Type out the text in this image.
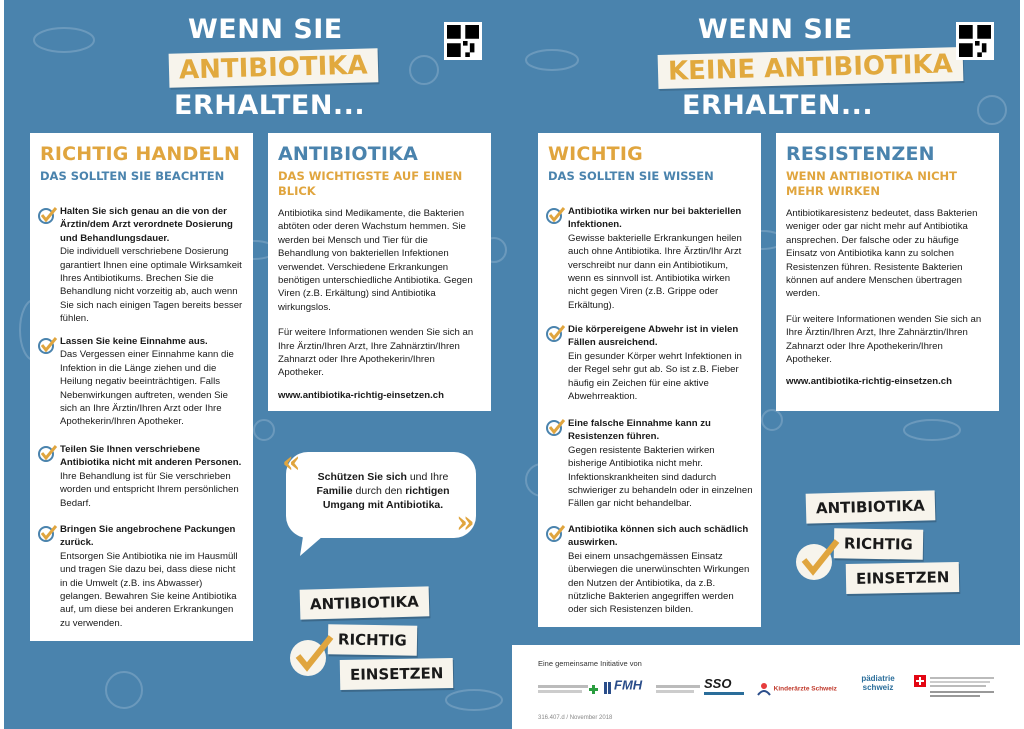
WENN SIE
ANTIBIOTIKA
ERHALTEN...
RICHTIG HANDELN
DAS SOLLTEN SIE BEACHTEN
Halten Sie sich genau an die von der Ärztin/dem Arzt verordnete Dosierung und Behandlungsdauer.
Die individuell verschriebene Dosierung garantiert Ihnen eine optimale Wirksamkeit Ihres Antibiotikums. Brechen Sie die Behandlung nicht vorzeitig ab, auch wenn Sie sich nach einigen Tagen bereits besser fühlen.
Lassen Sie keine Einnahme aus.
Das Vergessen einer Einnahme kann die Infektion in die Länge ziehen und die Heilung negativ beeinträchtigen. Falls Nebenwirkungen auftreten, wenden Sie sich an Ihre Ärztin/Ihren Arzt oder Ihre Apothekerin/Ihren Apotheker.
Teilen Sie Ihnen verschriebene Antibiotika nicht mit anderen Personen.
Ihre Behandlung ist für Sie verschrieben worden und entspricht Ihrem persönlichen Bedarf.
Bringen Sie angebrochene Packungen zurück.
Entsorgen Sie Antibiotika nie im Hausmüll und tragen Sie dazu bei, dass diese nicht in die Umwelt (z.B. ins Abwasser) gelangen. Bewahren Sie keine Antibiotika auf, um diese bei anderen Erkrankungen zu verwenden.
ANTIBIOTIKA
DAS WICHTIGSTE AUF EINEN BLICK

Antibiotika sind Medikamente, die Bakterien abtöten oder deren Wachstum hemmen. Sie werden bei Mensch und Tier für die Behandlung von bakteriellen Infektionen verwendet. Verschiedene Erkrankungen benötigen unterschiedliche Antibiotika. Gegen Viren (z.B. Erkältung) sind Antibiotika wirkungslos.

Für weitere Informationen wenden Sie sich an Ihre Ärztin/Ihren Arzt, Ihre Zahnärztin/Ihren Zahnarzt oder Ihre Apothekerin/Ihren Apotheker.

www.antibiotika-richtig-einsetzen.ch

Schützen Sie sich und Ihre Familie durch den richtigen Umgang mit Antibiotika.
«
»
ANTIBIOTIKA
RICHTIG
EINSETZEN
WENN SIE
KEINE ANTIBIOTIKA
ERHALTEN...
WICHTIG
DAS SOLLTEN SIE WISSEN
Antibiotika wirken nur bei bakteriellen Infektionen.
Gewisse bakterielle Erkrankungen heilen auch ohne Antibiotika. Ihre Ärztin/Ihr Arzt verschreibt nur dann ein Antibiotikum, wenn es sinnvoll ist. Antibiotika wirken nicht gegen Viren (z.B. Grippe oder Erkältung).
Die körpereigene Abwehr ist in vielen Fällen ausreichend.
Ein gesunder Körper wehrt Infektionen in der Regel sehr gut ab. So ist z.B. Fieber häufig ein Zeichen für eine aktive Abwehrreaktion.
Eine falsche Einnahme kann zu Resistenzen führen.
Gegen resistente Bakterien wirken bisherige Antibiotika nicht mehr. Infektionskrankheiten sind dadurch schwieriger zu behandeln oder in einzelnen Fällen gar nicht behandelbar.
Antibiotika können sich auch schädlich auswirken.
Bei einem unsachgemässen Einsatz überwiegen die unerwünschten Wirkungen den Nutzen der Antibiotika, da z.B. nützliche Bakterien angegriffen werden oder sich Resistenzen bilden.
RESISTENZEN
WENN ANTIBIOTIKA NICHT MEHR WIRKEN

Antibiotikaresistenz bedeutet, dass Bakterien weniger oder gar nicht mehr auf Antibiotika ansprechen. Der falsche oder zu häufige Einsatz von Antibiotika kann zu solchen Resistenzen führen. Resistente Bakterien können auf andere Menschen übertragen werden.

Für weitere Informationen wenden Sie sich an Ihre Ärztin/Ihren Arzt, Ihre Zahnärztin/Ihren Zahnarzt oder Ihre Apothekerin/Ihren Apotheker.

www.antibiotika-richtig-einsetzen.ch

ANTIBIOTIKA
RICHTIG
EINSETZEN
Eine gemeinsame Initiative von
316.407.d / November 2018
FMH	SSO	Kinderärzte Schweiz
pädiatrie schweiz
